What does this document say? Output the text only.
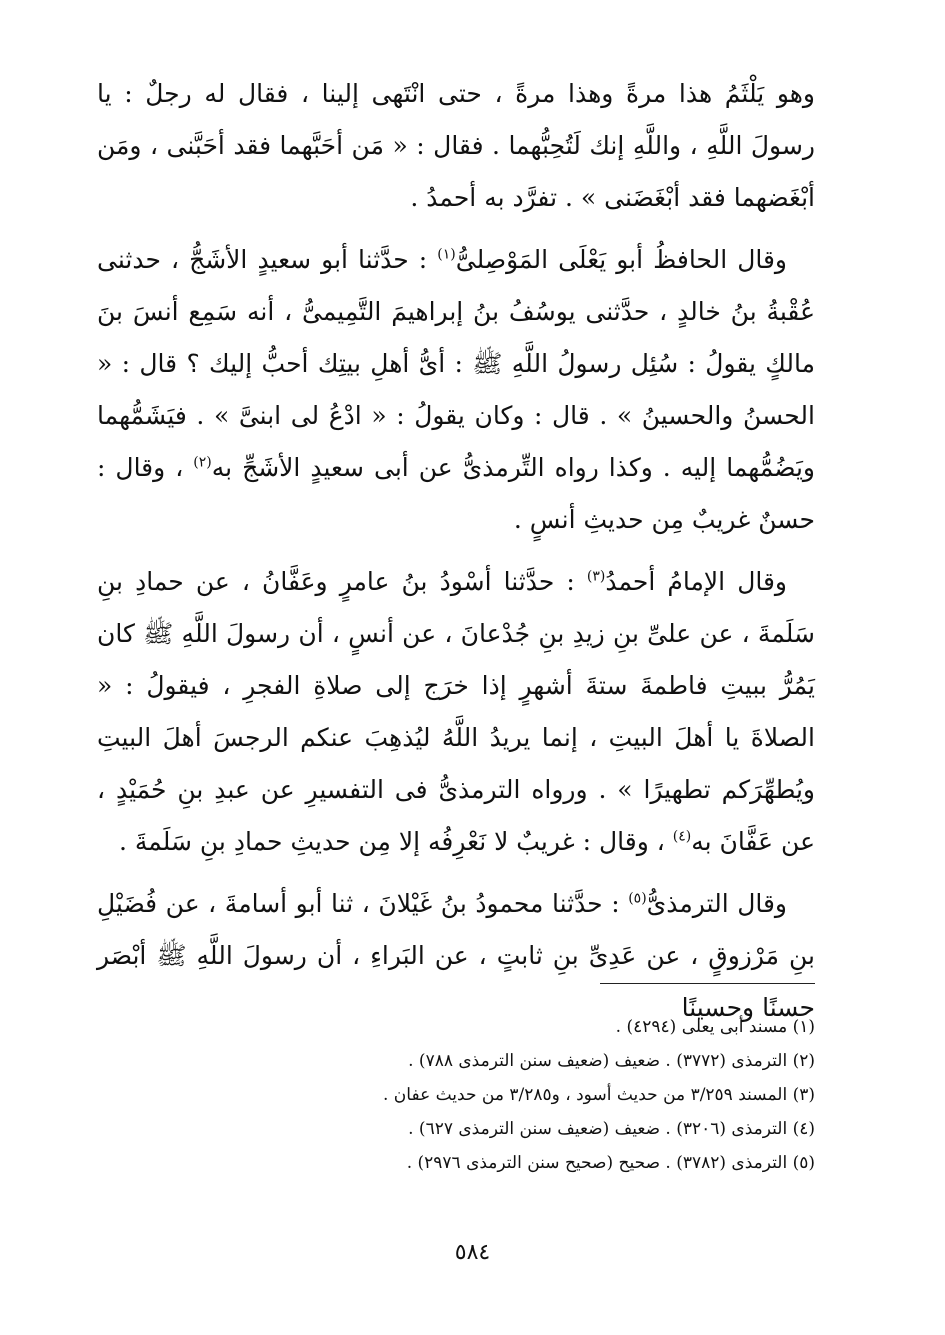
وهو يَلْثَمُ هذا مرةً وهذا مرةً ، حتى انْتَهى إلينا ، فقال له رجلٌ : يا رسولَ اللَّهِ ، واللَّهِ إنك لَتُحِبُّهما . فقال : « مَن أحَبَّهما فقد أحَبَّنى ، ومَن أبْغَضهما فقد أبْغَضَنى » . تفرَّد به أحمدُ .

وقال الحافظُ أبو يَعْلَى المَوْصِلىُّ$^{(١)}$ : حدَّثنا أبو سعيدٍ الأشَجُّ ، حدثنى عُقْبةُ بنُ خالدٍ ، حدَّثنى يوسُفُ بنُ إبراهيمَ التَّمِيمىُّ ، أنه سَمِع أنسَ بنَ مالكٍ يقولُ : سُئِل رسولُ اللَّهِ ﷺ : أىُّ أهلِ بيتِك أحبُّ إليك ؟ قال : « الحسنُ والحسينُ » . قال : وكان يقولُ : « ادْعُ لى ابنىَّ » . فيَشَمُّهما ويَضُمُّهما إليه . وكذا رواه التِّرمذىُّ عن أبى سعيدٍ الأشَجِّ به$^{(٢)}$ ، وقال : حسنٌ غريبٌ مِن حديثِ أنسٍ .

وقال الإمامُ أحمدُ$^{(٣)}$ : حدَّثنا أسْودُ بنُ عامرٍ وعَفَّانُ ، عن حمادِ بنِ سَلَمةَ ، عن علىِّ بنِ زيدِ بنِ جُدْعانَ ، عن أنسٍ ، أن رسولَ اللَّهِ ﷺ كان يَمُرُّ ببيتِ فاطمةَ ستةَ أشهرٍ إذا خرَج إلى صلاةِ الفجرِ ، فيقولُ : « الصلاةَ يا أهلَ البيتِ ، إنما يريدُ اللَّهُ ليُذهِبَ عنكم الرجسَ أهلَ البيتِ ويُطهِّرَكم تطهيرًا » . ورواه الترمذىُّ فى التفسيرِ عن عبدِ بنِ حُمَيْدٍ ، عن عَفَّانَ به$^{(٤)}$ ، وقال : غريبٌ لا نَعْرِفُه إلا مِن حديثِ حمادِ بنِ سَلَمةَ .

وقال الترمذىُّ$^{(٥)}$ : حدَّثنا محمودُ بنُ غَيْلانَ ، ثنا أبو أسامةَ ، عن فُضَيْلِ بنِ مَرْزوقٍ ، عن عَدِىِّ بنِ ثابتٍ ، عن البَراءِ ، أن رسولَ اللَّهِ ﷺ أبْصَر حسنًا وحسينًا

(١) مسند أبى يعلى (٤٢٩٤) .

(٢) الترمذى (٣٧٧٢) . ضعيف (ضعيف سنن الترمذى ٧٨٨) .

(٣) المسند ٣/٢٥٩ من حديث أسود ، و٣/٢٨٥ من حديث عفان .

(٤) الترمذى (٣٢٠٦) . ضعيف (ضعيف سنن الترمذى ٦٢٧) .

(٥) الترمذى (٣٧٨٢) . صحيح (صحيح سنن الترمذى ٢٩٧٦) .

٥٨٤
